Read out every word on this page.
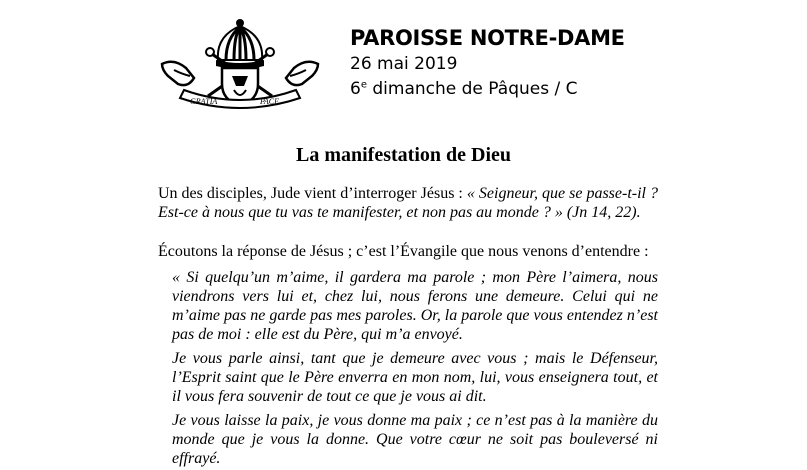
GRATIA	PACE
PAROISSE NOTRE-DAME
26 mai 2019
6e dimanche de Pâques / C
La manifestation de Dieu
Un des disciples, Jude vient d’interroger Jésus : « Seigneur, que se passe-t-il ? Est-ce à nous que tu vas te manifester, et non pas au monde ? » (Jn 14, 22).
Écoutons la réponse de Jésus ; c’est l’Évangile que nous venons d’entendre :
« Si quelqu’un m’aime, il gardera ma parole ; mon Père l’aimera, nous viendrons vers lui et, chez lui, nous ferons une demeure. Celui qui ne m’aime pas ne garde pas mes paroles. Or, la parole que vous entendez n’est pas de moi : elle est du Père, qui m’a envoyé.
Je vous parle ainsi, tant que je demeure avec vous ; mais le Défenseur, l’Esprit saint que le Père enverra en mon nom, lui, vous enseignera tout, et il vous fera souvenir de tout ce que je vous ai dit.
Je vous laisse la paix, je vous donne ma paix ; ce n’est pas à la manière du monde que je vous la donne. Que votre cœur ne soit pas bouleversé ni effrayé.
